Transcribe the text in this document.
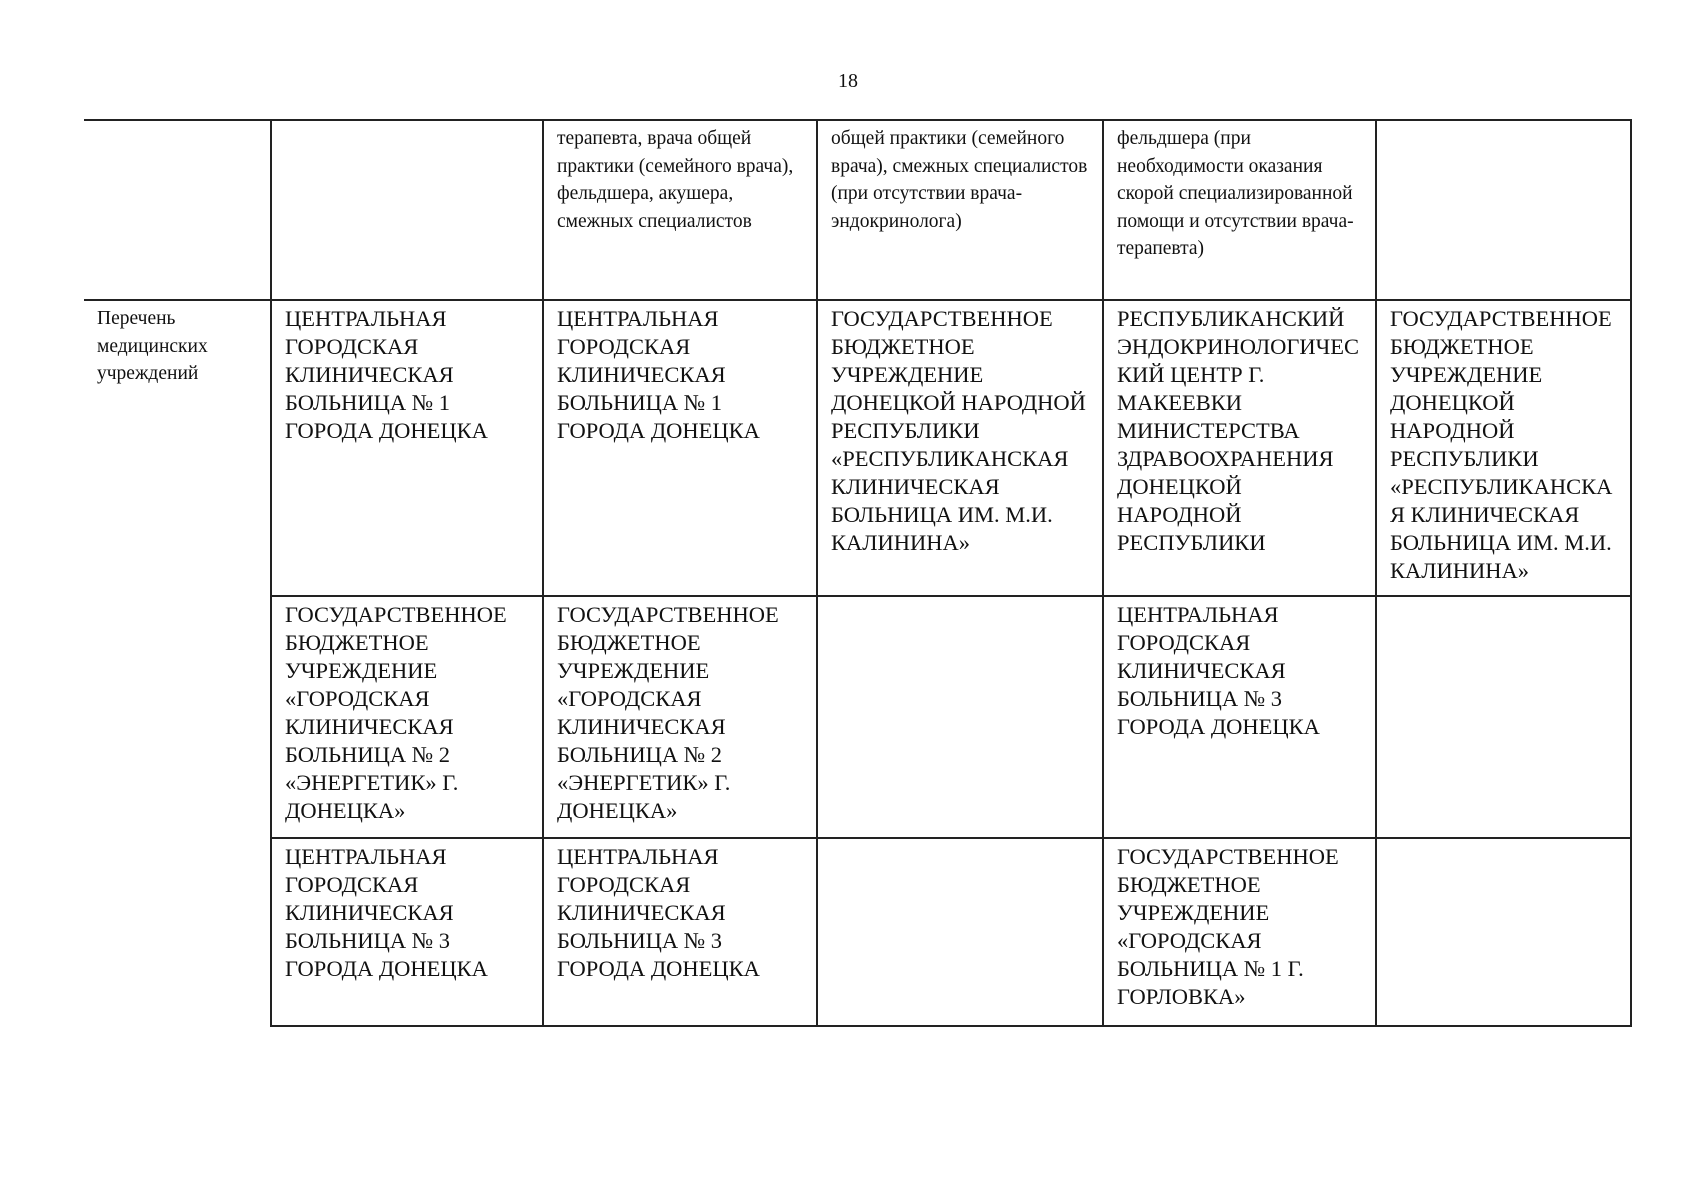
18
		терапевта, врача общей практики (семейного врача), фельдшера, акушера, смежных специалистов	общей практики (семейного врача), смежных специалистов (при отсутствии врача-эндокринолога)	фельдшера (при необходимости оказания скорой специализированной помощи и отсутствии врача-терапевта)	
Перечень медицинских учреждений	ЦЕНТРАЛЬНАЯ ГОРОДСКАЯ КЛИНИЧЕСКАЯ БОЛЬНИЦА № 1 ГОРОДА ДОНЕЦКА	ЦЕНТРАЛЬНАЯ ГОРОДСКАЯ КЛИНИЧЕСКАЯ БОЛЬНИЦА № 1 ГОРОДА ДОНЕЦКА	ГОСУДАРСТВЕННОЕ БЮДЖЕТНОЕ УЧРЕЖДЕНИЕ ДОНЕЦКОЙ НАРОДНОЙ РЕСПУБЛИКИ «РЕСПУБЛИКАНСКАЯ КЛИНИЧЕСКАЯ БОЛЬНИЦА ИМ. М.И. КАЛИНИНА»	РЕСПУБЛИКАНСКИЙ ЭНДОКРИНОЛОГИЧЕСКИЙ ЦЕНТР Г. МАКЕЕВКИ МИНИСТЕРСТВА ЗДРАВООХРАНЕНИЯ ДОНЕЦКОЙ НАРОДНОЙ РЕСПУБЛИКИ	ГОСУДАРСТВЕННОЕ БЮДЖЕТНОЕ УЧРЕЖДЕНИЕ ДОНЕЦКОЙ НАРОДНОЙ РЕСПУБЛИКИ «РЕСПУБЛИКАНСКАЯ КЛИНИЧЕСКАЯ БОЛЬНИЦА ИМ. М.И. КАЛИНИНА»
	ГОСУДАРСТВЕННОЕ БЮДЖЕТНОЕ УЧРЕЖДЕНИЕ «ГОРОДСКАЯ КЛИНИЧЕСКАЯ БОЛЬНИЦА № 2 «ЭНЕРГЕТИК» Г. ДОНЕЦКА»	ГОСУДАРСТВЕННОЕ БЮДЖЕТНОЕ УЧРЕЖДЕНИЕ «ГОРОДСКАЯ КЛИНИЧЕСКАЯ БОЛЬНИЦА № 2 «ЭНЕРГЕТИК» Г. ДОНЕЦКА»		ЦЕНТРАЛЬНАЯ ГОРОДСКАЯ КЛИНИЧЕСКАЯ БОЛЬНИЦА № 3 ГОРОДА ДОНЕЦКА	
	ЦЕНТРАЛЬНАЯ ГОРОДСКАЯ КЛИНИЧЕСКАЯ БОЛЬНИЦА № 3 ГОРОДА ДОНЕЦКА	ЦЕНТРАЛЬНАЯ ГОРОДСКАЯ КЛИНИЧЕСКАЯ БОЛЬНИЦА № 3 ГОРОДА ДОНЕЦКА		ГОСУДАРСТВЕННОЕ БЮДЖЕТНОЕ УЧРЕЖДЕНИЕ «ГОРОДСКАЯ БОЛЬНИЦА № 1 Г. ГОРЛОВКА»	
